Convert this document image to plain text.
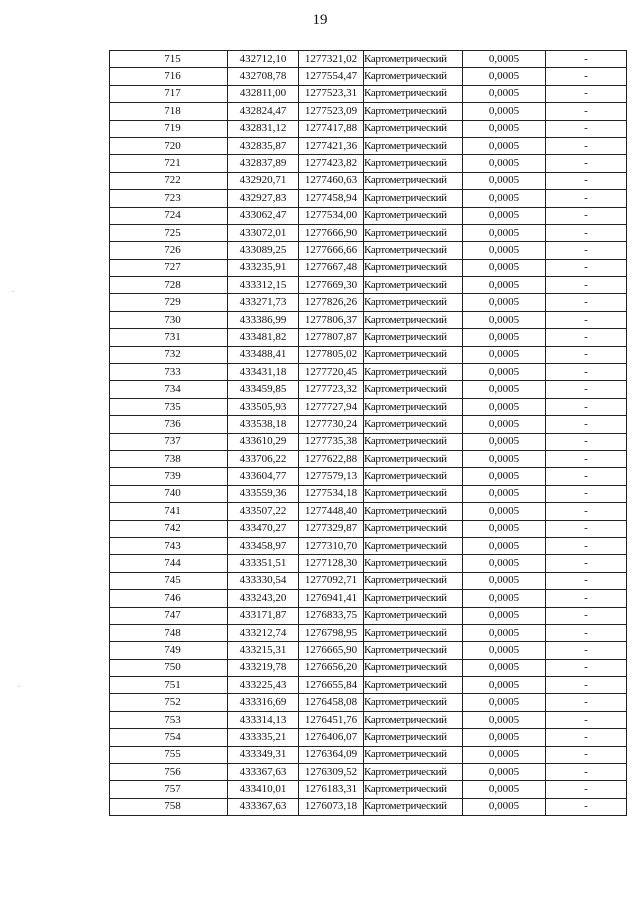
19
.
.
715	432712,10	1277321,02	Картометрический	0,0005	-
716	432708,78	1277554,47	Картометрический	0,0005	-
717	432811,00	1277523,31	Картометрический	0,0005	-
718	432824,47	1277523,09	Картометрический	0,0005	-
719	432831,12	1277417,88	Картометрический	0,0005	-
720	432835,87	1277421,36	Картометрический	0,0005	-
721	432837,89	1277423,82	Картометрический	0,0005	-
722	432920,71	1277460,63	Картометрический	0,0005	-
723	432927,83	1277458,94	Картометрический	0,0005	-
724	433062,47	1277534,00	Картометрический	0,0005	-
725	433072,01	1277666,90	Картометрический	0,0005	-
726	433089,25	1277666,66	Картометрический	0,0005	-
727	433235,91	1277667,48	Картометрический	0,0005	-
728	433312,15	1277669,30	Картометрический	0,0005	-
729	433271,73	1277826,26	Картометрический	0,0005	-
730	433386,99	1277806,37	Картометрический	0,0005	-
731	433481,82	1277807,87	Картометрический	0,0005	-
732	433488,41	1277805,02	Картометрический	0,0005	-
733	433431,18	1277720,45	Картометрический	0,0005	-
734	433459,85	1277723,32	Картометрический	0,0005	-
735	433505,93	1277727,94	Картометрический	0,0005	-
736	433538,18	1277730,24	Картометрический	0,0005	-
737	433610,29	1277735,38	Картометрический	0,0005	-
738	433706,22	1277622,88	Картометрический	0,0005	-
739	433604,77	1277579,13	Картометрический	0,0005	-
740	433559,36	1277534,18	Картометрический	0,0005	-
741	433507,22	1277448,40	Картометрический	0,0005	-
742	433470,27	1277329,87	Картометрический	0,0005	-
743	433458,97	1277310,70	Картометрический	0,0005	-
744	433351,51	1277128,30	Картометрический	0,0005	-
745	433330,54	1277092,71	Картометрический	0,0005	-
746	433243,20	1276941,41	Картометрический	0,0005	-
747	433171,87	1276833,75	Картометрический	0,0005	-
748	433212,74	1276798,95	Картометрический	0,0005	-
749	433215,31	1276665,90	Картометрический	0,0005	-
750	433219,78	1276656,20	Картометрический	0,0005	-
751	433225,43	1276655,84	Картометрический	0,0005	-
752	433316,69	1276458,08	Картометрический	0,0005	-
753	433314,13	1276451,76	Картометрический	0,0005	-
754	433335,21	1276406,07	Картометрический	0,0005	-
755	433349,31	1276364,09	Картометрический	0,0005	-
756	433367,63	1276309,52	Картометрический	0,0005	-
757	433410,01	1276183,31	Картометрический	0,0005	-
758	433367,63	1276073,18	Картометрический	0,0005	-
